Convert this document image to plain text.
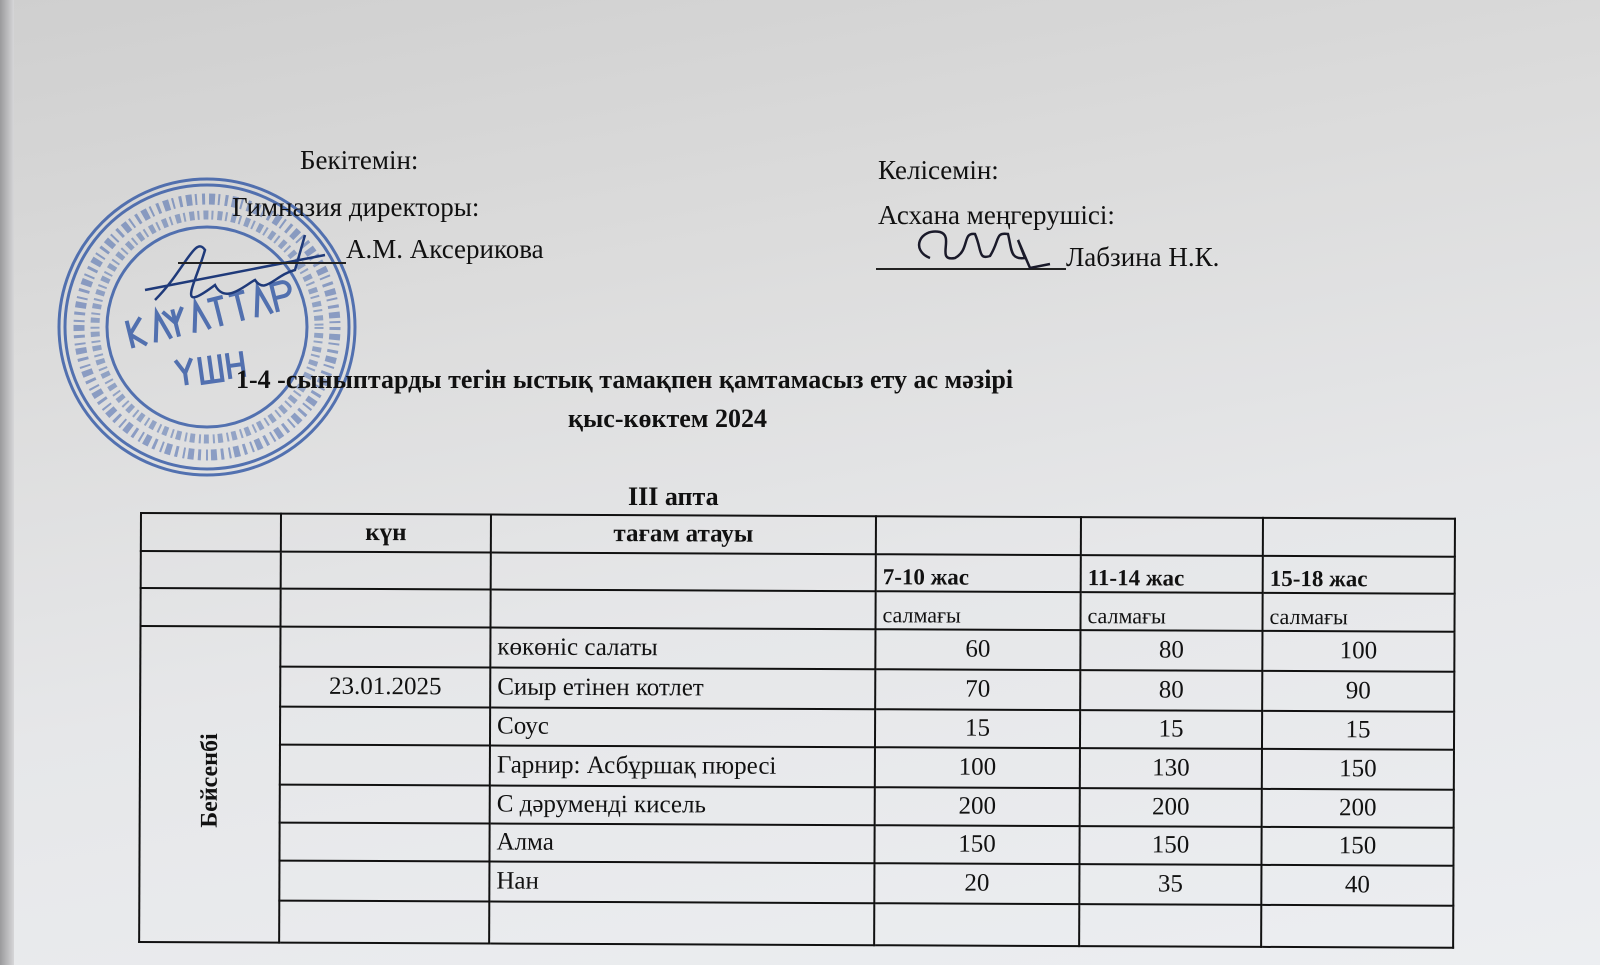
Бекітемін:
Гимназия директоры:
А.М. Аксерикова
Келісемін:
Асхана меңгерушісі:
Лабзина Н.К.
1-4 -сыныптарды тегін ыстық тамақпен қамтамасыз ету ас мәзірі
қыс-көктем 2024
III апта
	күн	тағам атауы			
			7-10 жас	11-14 жас	15-18 жас
			салмағы	салмағы	салмағы
Бейсенбі		көкөніс салаты	60	80	100
	23.01.2025	Сиыр етінен котлет	70	80	90
		Соус	15	15	15
		Гарнир: Асбұршақ пюресі	100	130	150
		С дәруменді кисель	200	200	200
		Алма	150	150	150
		Нан	20	35	40
